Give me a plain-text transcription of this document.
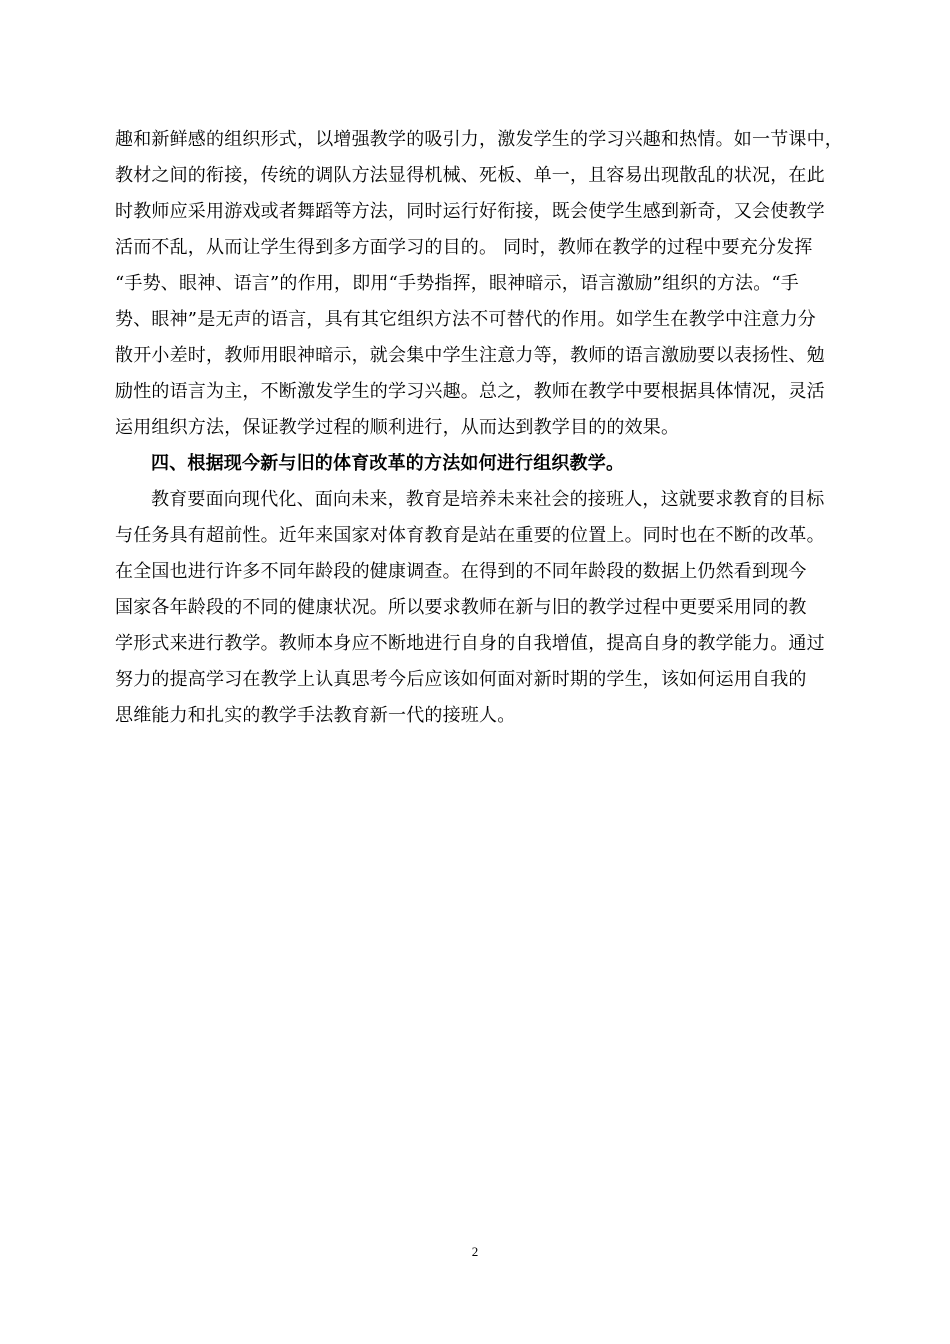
趣和新鲜感的组织形式，以增强教学的吸引力，激发学生的学习兴趣和热情。如一节课中，
教材之间的衔接，传统的调队方法显得机械、死板、单一，且容易出现散乱的状况，在此
时教师应采用游戏或者舞蹈等方法，同时运行好衔接，既会使学生感到新奇，又会使教学
活而不乱，从而让学生得到多方面学习的目的。 同时，教师在教学的过程中要充分发挥
“手势、眼神、语言”的作用，即用“手势指挥，眼神暗示，语言激励”组织的方法。“手
势、眼神”是无声的语言，具有其它组织方法不可替代的作用。如学生在教学中注意力分
散开小差时，教师用眼神暗示，就会集中学生注意力等，教师的语言激励要以表扬性、勉
励性的语言为主，不断激发学生的学习兴趣。总之，教师在教学中要根据具体情况，灵活
运用组织方法，保证教学过程的顺利进行，从而达到教学目的的效果。
四、根据现今新与旧的体育改革的方法如何进行组织教学。
教育要面向现代化、面向未来，教育是培养未来社会的接班人，这就要求教育的目标
与任务具有超前性。近年来国家对体育教育是站在重要的位置上。同时也在不断的改革。
在全国也进行许多不同年龄段的健康调查。在得到的不同年龄段的数据上仍然看到现今
国家各年龄段的不同的健康状况。所以要求教师在新与旧的教学过程中更要采用同的教
学形式来进行教学。教师本身应不断地进行自身的自我增值，提高自身的教学能力。通过
努力的提高学习在教学上认真思考今后应该如何面对新时期的学生，该如何运用自我的
思维能力和扎实的教学手法教育新一代的接班人。
2
